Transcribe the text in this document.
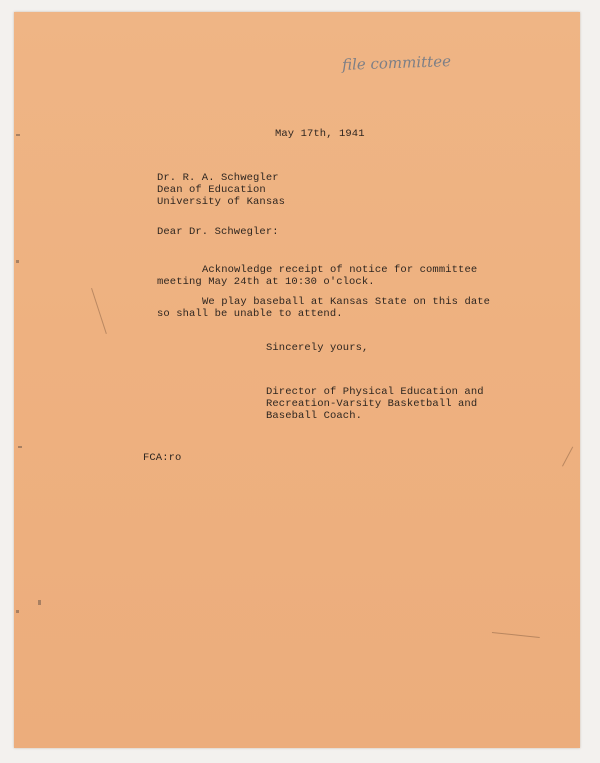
file committee
May 17th, 1941
Dr. R. A. Schwegler
Dean of Education
University of Kansas
Dear Dr. Schwegler:
Acknowledge receipt of notice for committee
meeting May 24th at 10:30 o'clock.
We play baseball at Kansas State on this date
so shall be unable to attend.
Sincerely yours,
Director of Physical Education and
Recreation-Varsity Basketball and
Baseball Coach.
FCA:ro
